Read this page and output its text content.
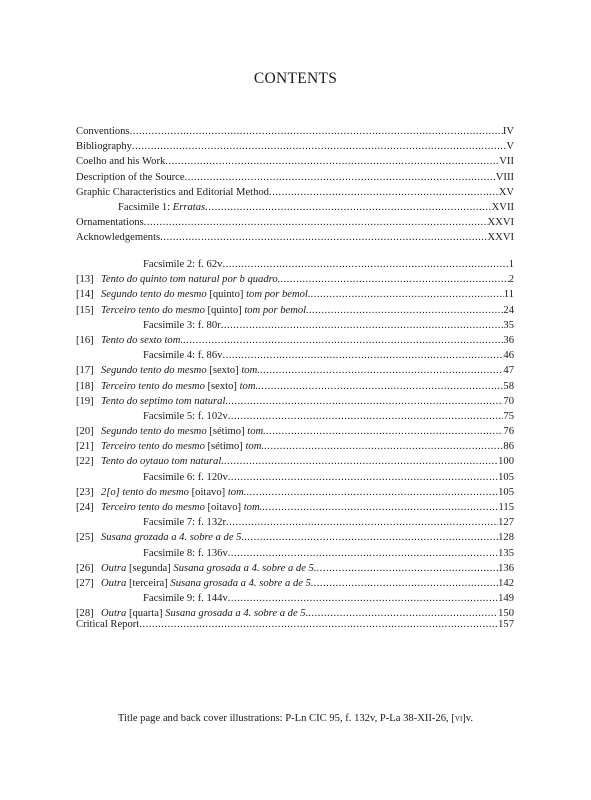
CONTENTS
Conventions .....	IV
Bibliography .....	V
Coelho and his Work .....	VII
Description of the Source .....	VIII
Graphic Characteristics and Editorial Method .....	XV
Facsimile 1: Erratas .....	XVII
Ornamentations .....	XXVI
Acknowledgements .....	XXVI
Facsimile 2: f. 62v .....	1
[13] Tento do quinto tom natural por b quadro. .....	2
[14] Segundo tento do mesmo [quinto] tom por bemol. .....	11
[15] Terceiro tento do mesmo [quinto] tom por bemol. .....	24
Facsimile 3: f. 80r .....	35
[16] Tento do sexto tom. .....	36
Facsimile 4: f. 86v .....	46
[17] Segundo tento do mesmo [sexto] tom. .....	47
[18] Terceiro tento do mesmo [sexto] tom. .....	58
[19] Tento do septimo tom natural. .....	70
Facsimile 5: f. 102v .....	75
[20] Segundo tento do mesmo [sétimo] tom. .....	76
[21] Terceiro tento do mesmo [sétimo] tom. .....	86
[22] Tento do oytauo tom natural. .....	100
Facsimile 6: f. 120v .....	105
[23] 2[o] tento do mesmo [oitavo] tom. .....	105
[24] Terceiro tento do mesmo [oitavo] tom. .....	115
Facsimile 7: f. 132r .....	127
[25] Susana grozada a 4. sobre a de 5. .....	128
Facsimile 8: f. 136v .....	135
[26] Outra [segunda] Susana grosada a 4. sobre a de 5. .....	136
[27] Outra [terceira] Susana grosada a 4. sobre a de 5. .....	142
Facsimile 9: f. 144v .....	149
[28] Outra [quarta] Susana grosada a 4. sobre a de 5. .....	150
Critical Report .....	157
Title page and back cover illustrations: P-Ln CIC 95, f. 132v, P-La 38-XII-26, [vi]v.
